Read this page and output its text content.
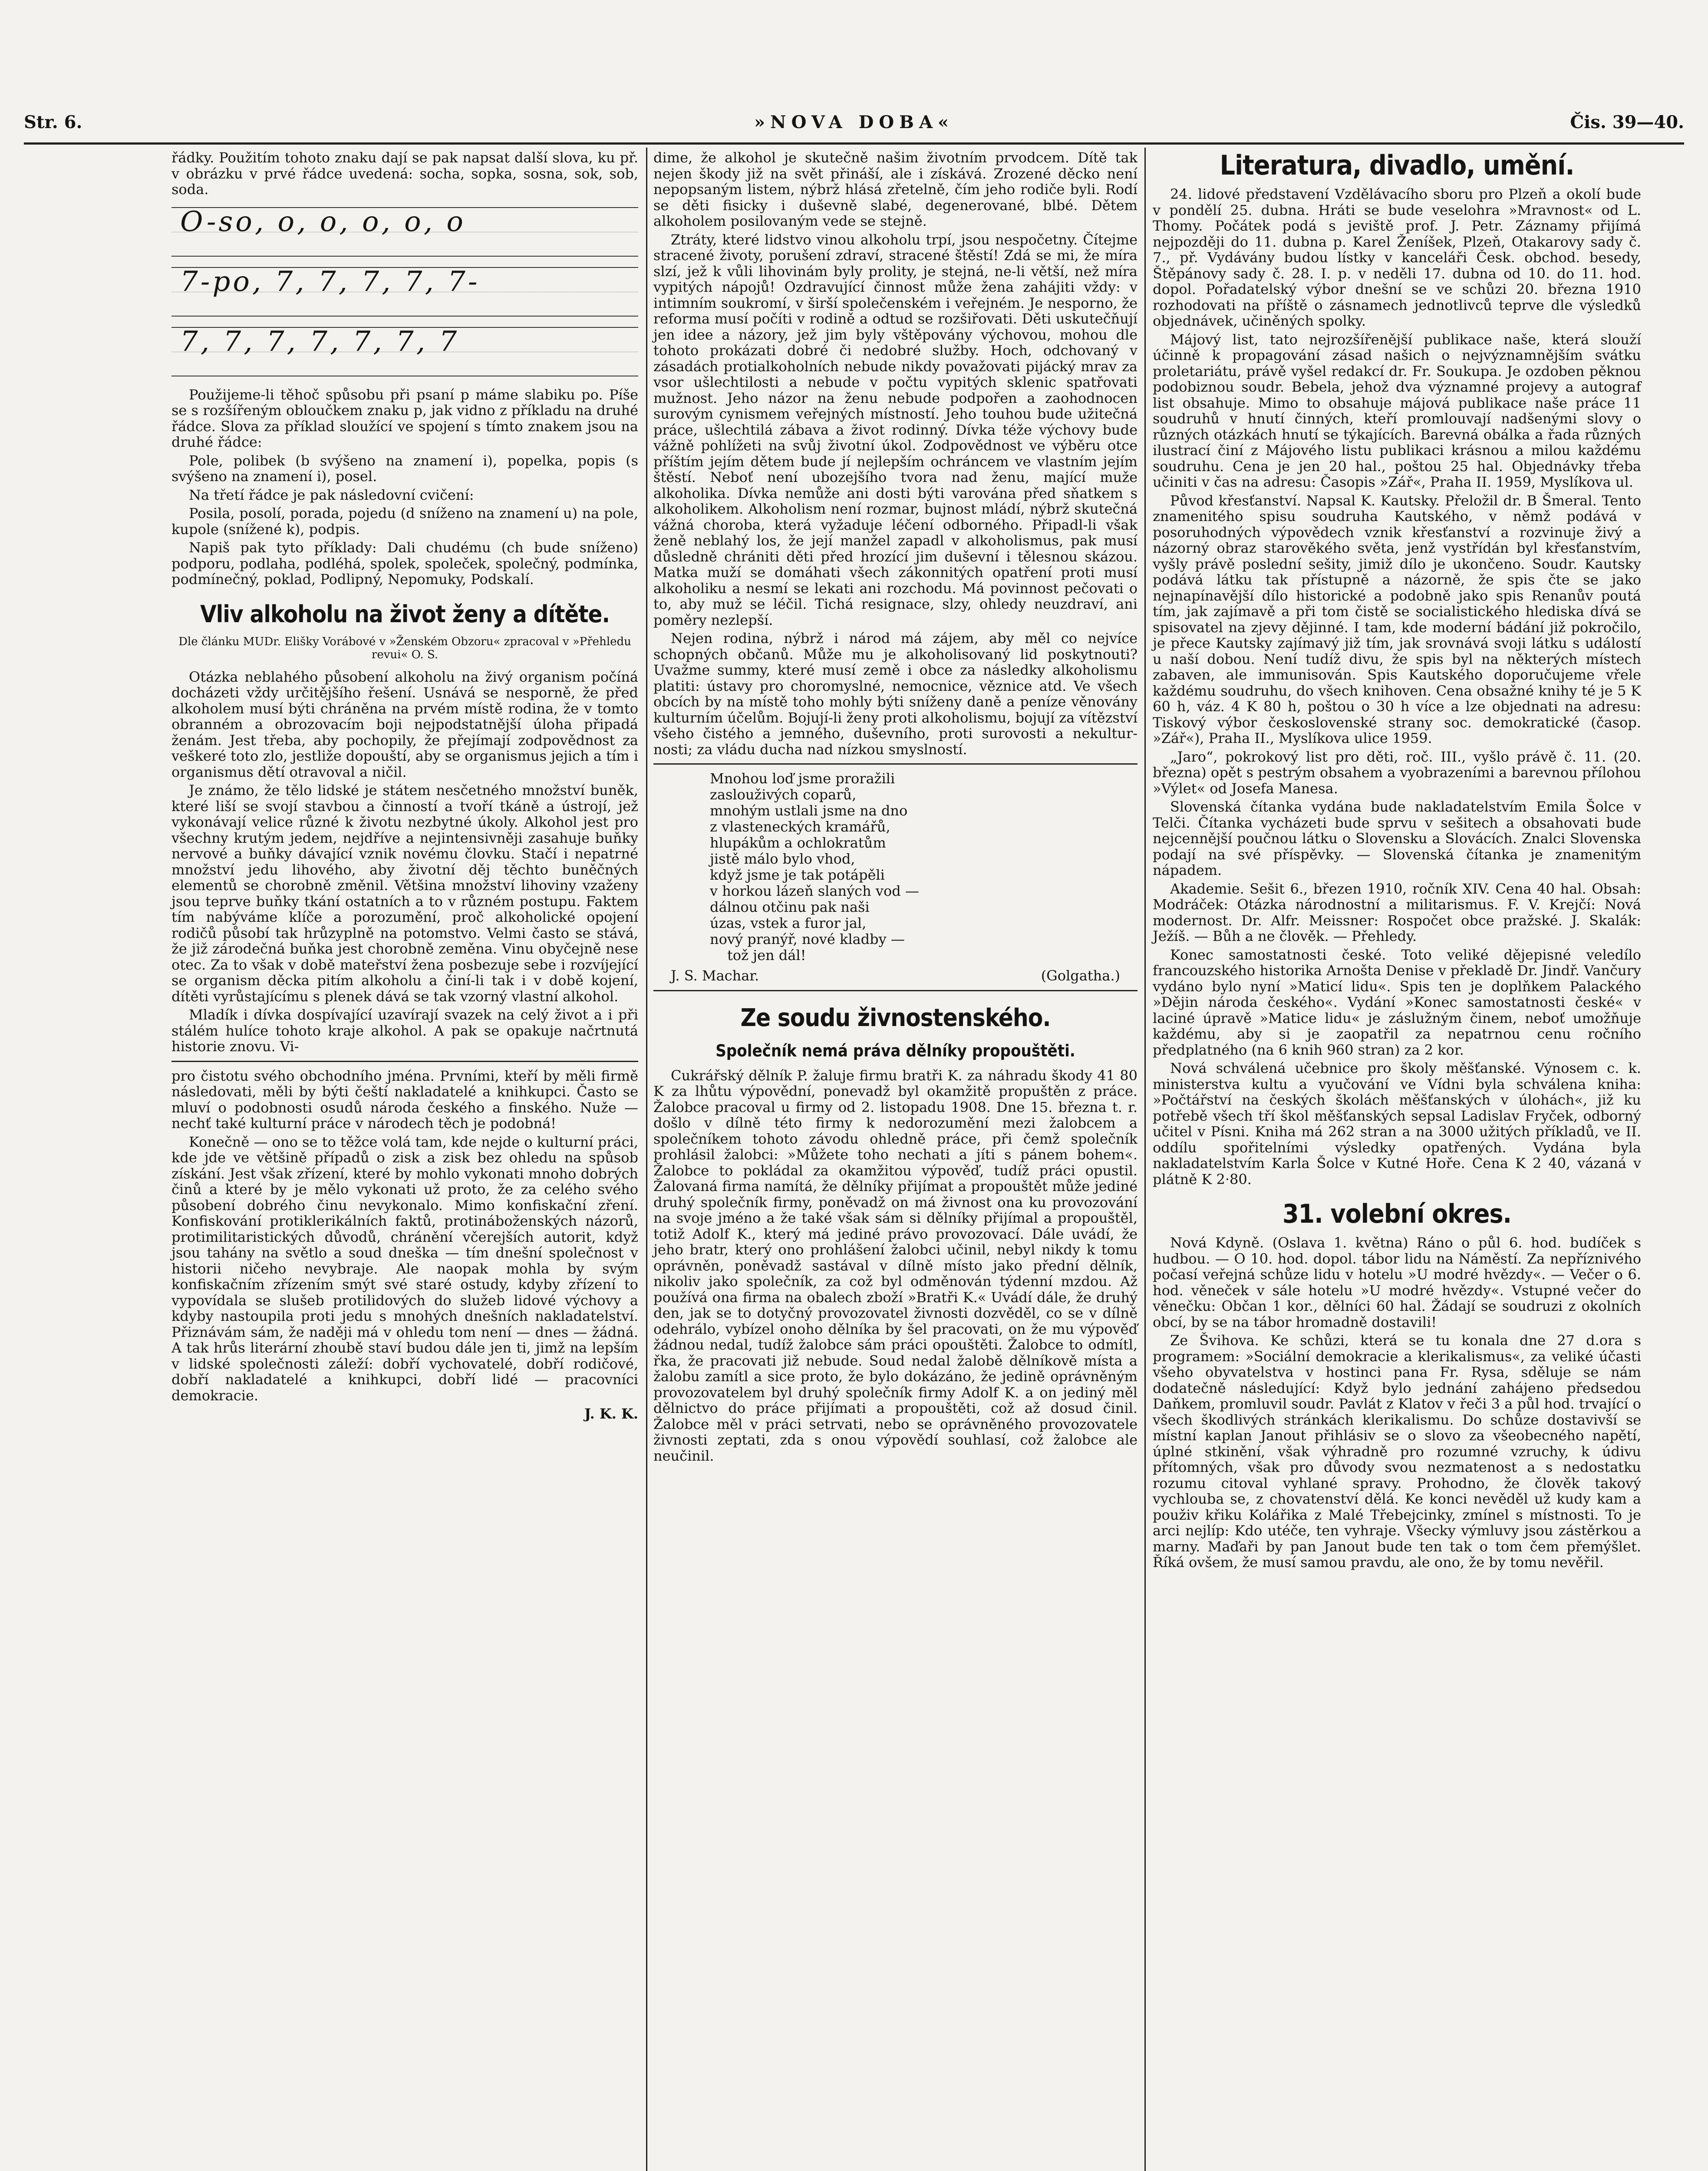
Str. 6.	»NOVA DOBA«	Čis. 39—40.

řádky. Použitím tohoto znaku dají se pak napsat další slova, ku př. v obrázku v prvé řádce uvedená: socha, sopka, sosna, sok, sob, soda.

O-so, o, o, o, o, o
7-po, 7, 7, 7, 7, 7-
7, 7, 7, 7, 7, 7, 7

Použijeme-li těhoč spůsobu při psaní p máme slabiku po. Píše se s rozšířeným obloučkem znaku p, jak vidno z příkladu na druhé řádce. Slova za příklad sloužící ve spojení s tímto znakem jsou na druhé řádce:

Pole, polibek (b svýšeno na znamení i), popelka, popis (s svýšeno na znamení i), posel.

Na třetí řádce je pak následovní cvičení:

Posila, posolí, porada, pojedu (d sníženo na znamení u) na pole, kupole (snížené k), podpis.

Napiš pak tyto příklady: Dali chudému (ch bude sníženo) podporu, podlaha, podléhá, spolek, společek, společný, podmínka, podmínečný, poklad, Podlipný, Nepomuky, Podskalí.

Vliv alkoholu na život ženy a dítěte.
Dle článku MUDr. Elišky Vorábové v »Ženském Obzoru« zpracoval v »Přehledu revui« O. S.

Otázka neblahého působení alkoholu na živý organism počíná docházeti vždy určitějšího řešení. Usnává se nesporně, že před alkoholem musí býti chráněna na prvém místě rodina, že v tomto obranném a obrozovacím boji nejpodstatnější úloha připadá ženám. Jest třeba, aby pochopily, že přejímají zodpovědnost za veškeré toto zlo, jestliže dopouští, aby se organismus jejich a tím i organismus dětí otravoval a ničil.

Je známo, že tělo lidské je státem nesčetného množství buněk, které liší se svojí stavbou a činností a tvoří tkáně a ústrojí, jež vykonávají velice různé k životu nezbytné úkoly. Alkohol jest pro všechny krutým jedem, nejdříve a nejintensivněji zasahuje buňky nervové a buňky dávající vznik novému človku. Stačí i nepatrné množství jedu lihového, aby životní děj těchto buněčných elementů se chorobně změnil. Většina množství lihoviny vzaženy jsou teprve buňky tkání ostatních a to v různém postupu. Faktem tím nabýváme klíče a porozumění, proč alkoholické opojení rodičů působí tak hrůzyplně na potomstvo. Velmi často se stává, že již zárodečná buňka jest chorobně zeměna. Vinu obyčejně nese otec. Za to však v době mateřství žena posbezuje sebe i rozvíjející se organism děcka pitím alkoholu a činí-li tak i v době kojení, dítěti vyrůstajícímu s plenek dává se tak vzorný vlastní alkohol.

Mladík i dívka dospívající uzavírají svazek na celý život a i při stálém hulíce tohoto kraje alkohol. A pak se opakuje načrtnutá historie znovu. Vi-

pro čistotu svého obchodního jména. Prvními, kteří by měli firmě následovati, měli by býti čeští nakladatelé a knihkupci. Často se mluví o podobnosti osudů národa českého a finského. Nuže — nechť také kulturní práce v národech těch je podobná!

Konečně — ono se to těžce volá tam, kde nejde o kulturní práci, kde jde ve většině případů o zisk a zisk bez ohledu na spůsob získání. Jest však zřízení, které by mohlo vykonati mnoho dobrých činů a které by je mělo vykonati už proto, že za celého svého působení dobrého činu nevykonalo. Mimo konfiskační zření. Konfiskování protiklerikálních faktů, protináboženských názorů, protimilitaristických důvodů, chránění včerejších autorit, když jsou tahány na světlo a soud dneška — tím dnešní společnost v historii ničeho nevybraje. Ale naopak mohla by svým konfiskačním zřízením smýt své staré ostudy, kdyby zřízení to vypovídala se slušeb protilidových do služeb lidové výchovy a kdyby nastoupila proti jedu s mnohých dnešních nakladatelství. Přiznávám sám, že naději má v ohledu tom není — dnes — žádná. A tak hrůs literární zhoubě staví budou dále jen ti, jimž na lepším v lidské společnosti záleží: dobří vychovatelé, dobří rodičové, dobří nakladatelé a knihkupci, dobří lidé — pracovníci demokracie.

J. K. K.

dime, že alkohol je skutečně našim životním prvodcem. Dítě tak nejen škody již na svět přináší, ale i získává. Zrozené děcko není nepopsaným listem, nýbrž hlásá zřetelně, čím jeho rodiče byli. Rodí se děti fisicky i duševně slabé, degenerované, blbé. Dětem alkoholem posilovaným vede se stejně.

Ztráty, které lidstvo vinou alkoholu trpí, jsou nespočetny. Čítejme stracené životy, porušení zdraví, stracené štěstí! Zdá se mi, že míra slzí, jež k vůli lihovinám byly prolity, je stejná, ne-li větší, než míra vypitých nápojů! Ozdravující činnost může žena zahájiti vždy: v intimním soukromí, v širší společenském i veřejném. Je nesporno, že reforma musí počíti v rodině a odtud se rozšiřovati. Děti uskutečňují jen idee a názory, jež jim byly vštěpovány výchovou, mohou dle tohoto prokázati dobré či nedobré služby. Hoch, odchovaný v zásadách protialkoholních nebude nikdy považovati pijácký mrav za vsor ušlechtilosti a nebude v počtu vypitých sklenic spatřovati mužnost. Jeho názor na ženu nebude podpořen a zaohodnocen surovým cynismem veřejných místností. Jeho touhou bude užitečná práce, ušlechtilá zábava a život rodinný. Dívka téže výchovy bude vážně pohlížeti na svůj životní úkol. Zodpovědnost ve výběru otce příštím jejím dětem bude jí nejlepším ochráncem ve vlastním jejím štěstí. Neboť není ubozejšího tvora nad ženu, mající muže alkoholika. Dívka nemůže ani dosti býti varována před sňatkem s alkoholikem. Alkoholism není rozmar, bujnost mládí, nýbrž skutečná vážná choroba, která vyžaduje léčení odborného. Připadl-li však ženě neblahý los, že její manžel zapadl v alkoholismus, pak musí důsledně chrániti děti před hrozící jim duševní i tělesnou skázou. Matka muží se domáhati všech zákonnitých opatření proti musí alkoholiku a nesmí se lekati ani rozchodu. Má povinnost pečovati o to, aby muž se léčil. Tichá resignace, slzy, ohledy neuzdraví, ani poměry nezlepší.

Nejen rodina, nýbrž i národ má zájem, aby měl co nejvíce schopných občanů. Může mu je alkoholisovaný lid poskytnouti? Uvažme summy, které musí země i obce za následky alkoholismu platiti: ústavy pro choromyslné, nemocnice, věznice atd. Ve všech obcích by na místě toho mohly býti sníženy daně a peníze věnovány kulturním účelům. Bojují-li ženy proti alkoholismu, bojují za vítězství všeho čistého a jemného, duševního, proti surovosti a nekultur-nosti; za vládu ducha nad nízkou smyslností.

Mnohou loď jsme proražili
zaslouživých coparů,
mnohým ustlali jsme na dno
z vlasteneckých kramářů,
hlupákům a ochlokratům
jistě málo bylo vhod,
když jsme je tak potápěli
v horkou lázeň slaných vod —
dálnou otčinu pak naši
úzas, vstek a furor jal,
nový pranýř, nové kladby —
tož jen dál!
J. S. Machar.	(Golgatha.)
Ze soudu živnostenského.
Společník nemá práva dělníky propouštěti.

Cukrářský dělník P. žaluje firmu bratři K. za náhradu škody 41 80 K za lhůtu výpovědní, ponevadž byl okamžitě propuštěn z práce. Žalobce pracoval u firmy od 2. listopadu 1908. Dne 15. března t. r. došlo v dílně této firmy k nedorozumění mezi žalobcem a společníkem tohoto závodu ohledně práce, při čemž společník prohlásil žalobci: »Můžete toho nechati a jíti s pánem bohem«. Žalobce to pokládal za okamžitou výpověď, tudíž práci opustil. Žalovaná firma namítá, že dělníky přijímat a propouštět může jediné druhý společník firmy, poněvadž on má živnost ona ku provozování na svoje jméno a že také však sám si dělníky přijímal a propouštěl, totiž Adolf K., který má jediné právo provozovací. Dále uvádí, že jeho bratr, který ono prohlášení žalobci učinil, nebyl nikdy k tomu oprávněn, poněvadž sastával v dílně místo jako přední dělník, nikoliv jako společník, za což byl odměnován týdenní mzdou. Až používá ona firma na obalech zboží »Bratři K.« Uvádí dále, že druhý den, jak se to dotyčný provozovatel živnosti dozvěděl, co se v dílně odehrálo, vybízel onoho dělníka by šel pracovati, on že mu výpověď žádnou nedal, tudíž žalobce sám práci opouštěti. Žalobce to odmítl, řka, že pracovati již nebude. Soud nedal žalobě dělníkově místa a žalobu zamítl a sice proto, že bylo dokázáno, že jedině oprávněným provozovatelem byl druhý společník firmy Adolf K. a on jediný měl dělnictvo do práce přijímati a propouštěti, což až dosud činil. Žalobce měl v práci setrvati, nebo se oprávněného provozovatele živnosti zeptati, zda s onou výpovědí souhlasí, což žalobce ale neučinil.

Literatura, divadlo, umění.

24. lidové představení Vzdělávacího sboru pro Plzeň a okolí bude v pondělí 25. dubna. Hráti se bude veselohra »Mravnost« od L. Thomy. Počátek podá s jeviště prof. J. Petr. Záznamy přijímá nejpozději do 11. dubna p. Karel Ženíšek, Plzeň, Otakarovy sady č. 7., př. Vydávány budou lístky v kanceláři Česk. obchod. besedy, Štěpánovy sady č. 28. I. p. v neděli 17. dubna od 10. do 11. hod. dopol. Pořadatelský výbor dnešní se ve schůzi 20. března 1910 rozhodovati na příště o zásnamech jednotlivců teprve dle výsledků objednávek, učiněných spolky.

Májový list, tato nejrozšířenější publikace naše, která slouží účinně k propagování zásad našich o nejvýznamnějším svátku proletariátu, právě vyšel redakcí dr. Fr. Soukupa. Je ozdoben pěknou podobiznou soudr. Bebela, jehož dva významné projevy a autograf list obsahuje. Mimo to obsahuje májová publikace naše práce 11 soudruhů v hnutí činných, kteří promlouvají nadšenými slovy o různých otázkách hnutí se týkajících. Barevná obálka a řada různých ilustrací činí z Májového listu publikaci krásnou a milou každému soudruhu. Cena je jen 20 hal., poštou 25 hal. Objednávky třeba učiniti v čas na adresu: Časopis »Zář«, Praha II. 1959, Myslíkova ul.

Původ křesťanství. Napsal K. Kautsky. Přeložil dr. B Šmeral. Tento znamenitého spisu soudruha Kautského, v němž podává v posoruhodných výpovědech vznik křesťanství a rozvinuje živý a názorný obraz starověkého světa, jenž vystřídán byl křesťanstvím, vyšly právě poslední sešity, jimiž dílo je ukončeno. Soudr. Kautsky podává látku tak přístupně a názorně, že spis čte se jako nejnapínavější dílo historické a podobně jako spis Renanův poutá tím, jak zajímavě a při tom čistě se socialistického hlediska dívá se spisovatel na zjevy dějinné. I tam, kde moderní bádání již pokročilo, je přece Kautsky zajímavý již tím, jak srovnává svoji látku s událostí u naší dobou. Není tudíž divu, že spis byl na některých místech zabaven, ale immunisován. Spis Kautského doporučujeme vřele každému soudruhu, do všech knihoven. Cena obsažné knihy té je 5 K 60 h, váz. 4 K 80 h, poštou o 30 h více a lze objednati na adresu: Tiskový výbor československé strany soc. demokratické (časop. »Zář«), Praha II., Myslíkova ulice 1959.

„Jaro“, pokrokový list pro děti, roč. III., vyšlo právě č. 11. (20. března) opět s pestrým obsahem a vyobrazeními a barevnou přílohou »Výlet« od Josefa Manesa.

Slovenská čítanka vydána bude nakladatelstvím Emila Šolce v Telči. Čítanka vycházeti bude sprvu v sešitech a obsahovati bude nejcennější poučnou látku o Slovensku a Slovácích. Znalci Slovenska podají na své příspěvky. — Slovenská čítanka je znamenitým nápadem.

Akademie. Sešit 6., březen 1910, ročník XIV. Cena 40 hal. Obsah: Modráček: Otázka národnostní a militarismus. F. V. Krejčí: Nová modernost. Dr. Alfr. Meissner: Rospočet obce pražské. J. Skalák: Ježíš. — Bůh a ne člověk. — Přehledy.

Konec samostatnosti české. Toto veliké dějepisné veledílo francouzského historika Arnošta Denise v překladě Dr. Jindř. Vančury vydáno bylo nyní »Maticí lidu«. Spis ten je doplňkem Palackého »Dějin národa českého«. Vydání »Konec samostatnosti české« v laciné úpravě »Matice lidu« je záslužným činem, neboť umožňuje každému, aby si je zaopatřil za nepatrnou cenu ročního předplatného (na 6 knih 960 stran) za 2 kor.

Nová schválená učebnice pro školy měšťanské. Výnosem c. k. ministerstva kultu a vyučování ve Vídni byla schválena kniha: »Počtářství na českých školách měšťanských v úlohách«, již ku potřebě všech tří škol měšťanských sepsal Ladislav Fryček, odborný učitel v Písni. Kniha má 262 stran a na 3000 užitých příkladů, ve II. oddílu spořitelními výsledky opatřených. Vydána byla nakladatelstvím Karla Šolce v Kutné Hoře. Cena K 2 40, vázaná v plátně K 2·80.

31. volební okres.

Nová Kdyně. (Oslava 1. května) Ráno o půl 6. hod. budíček s hudbou. — O 10. hod. dopol. tábor lidu na Náměstí. Za nepříznivého počasí veřejná schůze lidu v hotelu »U modré hvězdy«. — Večer o 6. hod. věneček v sále hotelu »U modré hvězdy«. Vstupné večer do věnečku: Občan 1 kor., dělníci 60 hal. Žádají se soudruzi z okolních obcí, by se na tábor hromadně dostavili!

Ze Švihova. Ke schůzi, která se tu konala dne 27 d.ora s programem: »Sociální demokracie a klerikalismus«, za veliké účasti všeho obyvatelstva v hostinci pana Fr. Rysa, sděluje se nám dodatečně následující: Když bylo jednání zahájeno předsedou Daňkem, promluvil soudr. Pavlát z Klatov v řeči 3 a půl hod. trvající o všech škodlivých stránkách klerikalismu. Do schůze dostavivší se místní kaplan Janout přihlásiv se o slovo za všeobecného napětí, úplné stkinění, však výhradně pro rozumné vzruchy, k údivu přítomných, však pro důvody svou nezmatenost a s nedostatku rozumu citoval vyhlané spravy. Prohodno, že člověk takový vychlouba se, z chovatenství dělá. Ke konci nevěděl už kudy kam a použiv křiku Kolářika z Malé Třebejcinky, zmínel s místnosti. To je arci nejlíp: Kdo utéče, ten vyhraje. Všecky výmluvy jsou zástěrkou a marny. Maďaři by pan Janout bude ten tak o tom čem přemýšlet. Říká ovšem, že musí samou pravdu, ale ono, že by tomu nevěřil.
